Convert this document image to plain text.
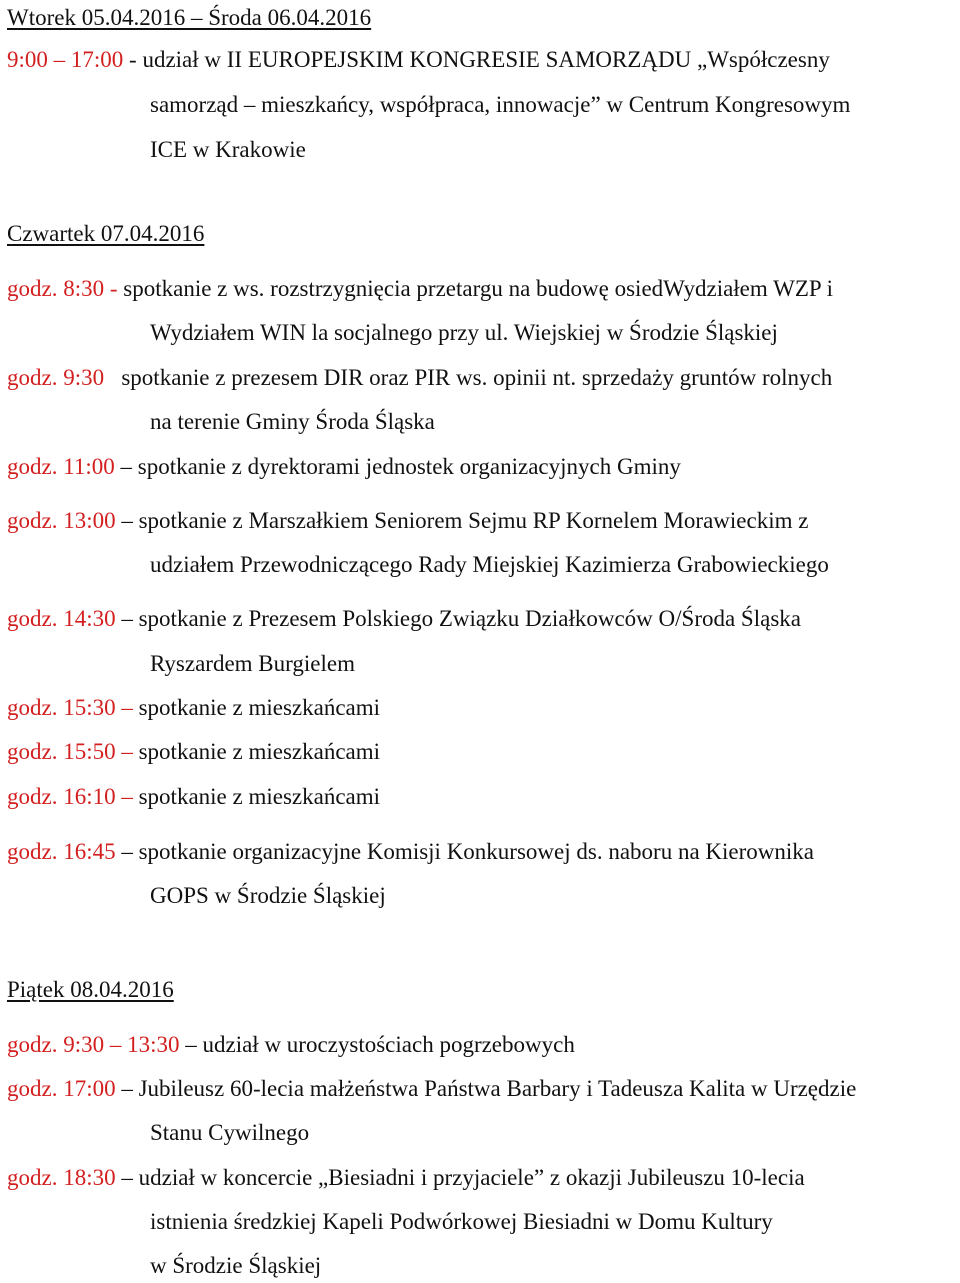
Wtorek 05.04.2016 – Środa 06.04.2016
9:00 – 17:00 - udział w II EUROPEJSKIM KONGRESIE SAMORZĄDU „Współczesny
samorząd – mieszkańcy, współpraca, innowacje” w Centrum Kongresowym
ICE w Krakowie
Czwartek 07.04.2016
godz. 8:30 - spotkanie z ws. rozstrzygnięcia przetargu na budowę osiedWydziałem WZP i
Wydziałem WIN la socjalnego przy ul. Wiejskiej w Środzie Śląskiej
godz. 9:30 spotkanie z prezesem DIR oraz PIR ws. opinii nt. sprzedaży gruntów rolnych
na terenie Gminy Środa Śląska
godz. 11:00 – spotkanie z dyrektorami jednostek organizacyjnych Gminy
godz. 13:00 – spotkanie z Marszałkiem Seniorem Sejmu RP Kornelem Morawieckim z
udziałem Przewodniczącego Rady Miejskiej Kazimierza Grabowieckiego
godz. 14:30 – spotkanie z Prezesem Polskiego Związku Działkowców O/Środa Śląska
Ryszardem Burgielem
godz. 15:30 – spotkanie z mieszkańcami
godz. 15:50 – spotkanie z mieszkańcami
godz. 16:10 – spotkanie z mieszkańcami
godz. 16:45 – spotkanie organizacyjne Komisji Konkursowej ds. naboru na Kierownika
GOPS w Środzie Śląskiej
Piątek 08.04.2016
godz. 9:30 – 13:30 – udział w uroczystościach pogrzebowych
godz. 17:00 – Jubileusz 60-lecia małżeństwa Państwa Barbary i Tadeusza Kalita w Urzędzie
Stanu Cywilnego
godz. 18:30 – udział w koncercie „Biesiadni i przyjaciele” z okazji Jubileuszu 10-lecia
istnienia średzkiej Kapeli Podwórkowej Biesiadni w Domu Kultury
w Środzie Śląskiej
